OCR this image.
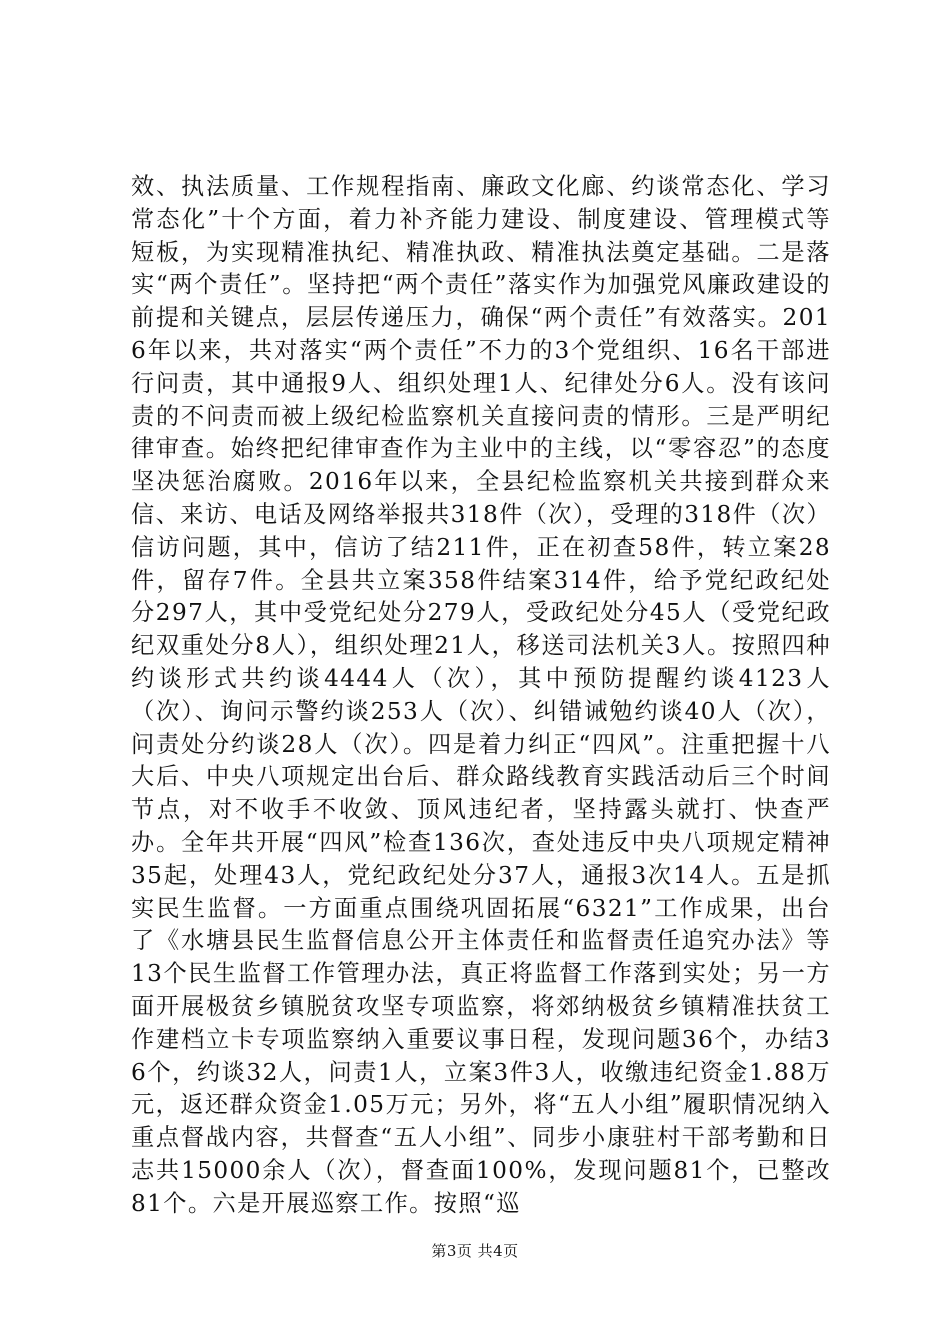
效、执法质量、工作规程指南、廉政文化廊、约谈常态化、学习常态化”十个方面，着力补齐能力建设、制度建设、管理模式等短板，为实现精准执纪、精准执政、精准执法奠定基础。二是落实“两个责任”。坚持把“两个责任”落实作为加强党风廉政建设的前提和关键点，层层传递压力，确保“两个责任”有效落实。2016年以来，共对落实“两个责任”不力的3个党组织、16名干部进行问责，其中通报9人、组织处理1人、纪律处分6人。没有该问责的不问责而被上级纪检监察机关直接问责的情形。三是严明纪律审查。始终把纪律审查作为主业中的主线，以“零容忍”的态度坚决惩治腐败。2016年以来，全县纪检监察机关共接到群众来信、来访、电话及网络举报共318件（次），受理的318件（次）信访问题，其中，信访了结211件，正在初查58件，转立案28件，留存7件。全县共立案358件结案314件，给予党纪政纪处分297人，其中受党纪处分279人，受政纪处分45人（受党纪政纪双重处分8人），组织处理21人，移送司法机关3人。按照四种约谈形式共约谈4444人（次），其中预防提醒约谈4123人（次）、询问示警约谈253人（次）、纠错诫勉约谈40人（次），问责处分约谈28人（次）。四是着力纠正“四风”。注重把握十八大后、中央八项规定出台后、群众路线教育实践活动后三个时间节点，对不收手不收敛、顶风违纪者，坚持露头就打、快查严办。全年共开展“四风”检查136次，查处违反中央八项规定精神35起，处理43人，党纪政纪处分37人，通报3次14人。五是抓实民生监督。一方面重点围绕巩固拓展“6321”工作成果，出台了《水塘县民生监督信息公开主体责任和监督责任追究办法》等13个民生监督工作管理办法，真正将监督工作落到实处；另一方面开展极贫乡镇脱贫攻坚专项监察，将郊纳极贫乡镇精准扶贫工作建档立卡专项监察纳入重要议事日程，发现问题36个，办结36个，约谈32人，问责1人，立案3件3人，收缴违纪资金1.88万元，返还群众资金1.05万元；另外，将“五人小组”履职情况纳入重点督战内容，共督查“五人小组”、同步小康驻村干部考勤和日志共15000余人（次），督查面100%，发现问题81个，已整改81个。六是开展巡察工作。按照“巡

第3页 共4页
